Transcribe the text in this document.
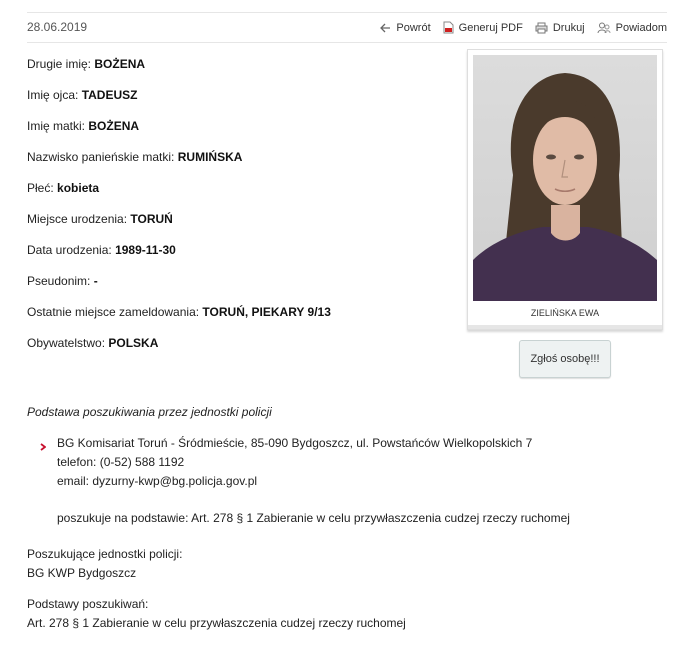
28.06.2019	Powrót	Generuj PDF	Drukuj	Powiadom
Drugie imię: BOŻENA
Imię ojca: TADEUSZ
Imię matki: BOŻENA
Nazwisko panieńskie matki: RUMIŃSKA
Płeć: kobieta
Miejsce urodzenia: TORUŃ
Data urodzenia: 1989-11-30
Pseudonim: -
Ostatnie miejsce zameldowania: TORUŃ, PIEKARY 9/13
Obywatelstwo: POLSKA
ZIELIŃSKA EWA
Zgłoś osobę!!!
Podstawa poszukiwania przez jednostki policji
BG Komisariat Toruń - Śródmieście, 85-090 Bydgoszcz, ul. Powstańców Wielkopolskich 7
telefon: (0-52) 588 1192
email: dyzurny-kwp@bg.policja.gov.pl
poszukuje na podstawie: Art. 278 § 1 Zabieranie w celu przywłaszczenia cudzej rzeczy ruchomej
Poszukujące jednostki policji:
BG KWP Bydgoszcz
Podstawy poszukiwań:
Art. 278 § 1 Zabieranie w celu przywłaszczenia cudzej rzeczy ruchomej
